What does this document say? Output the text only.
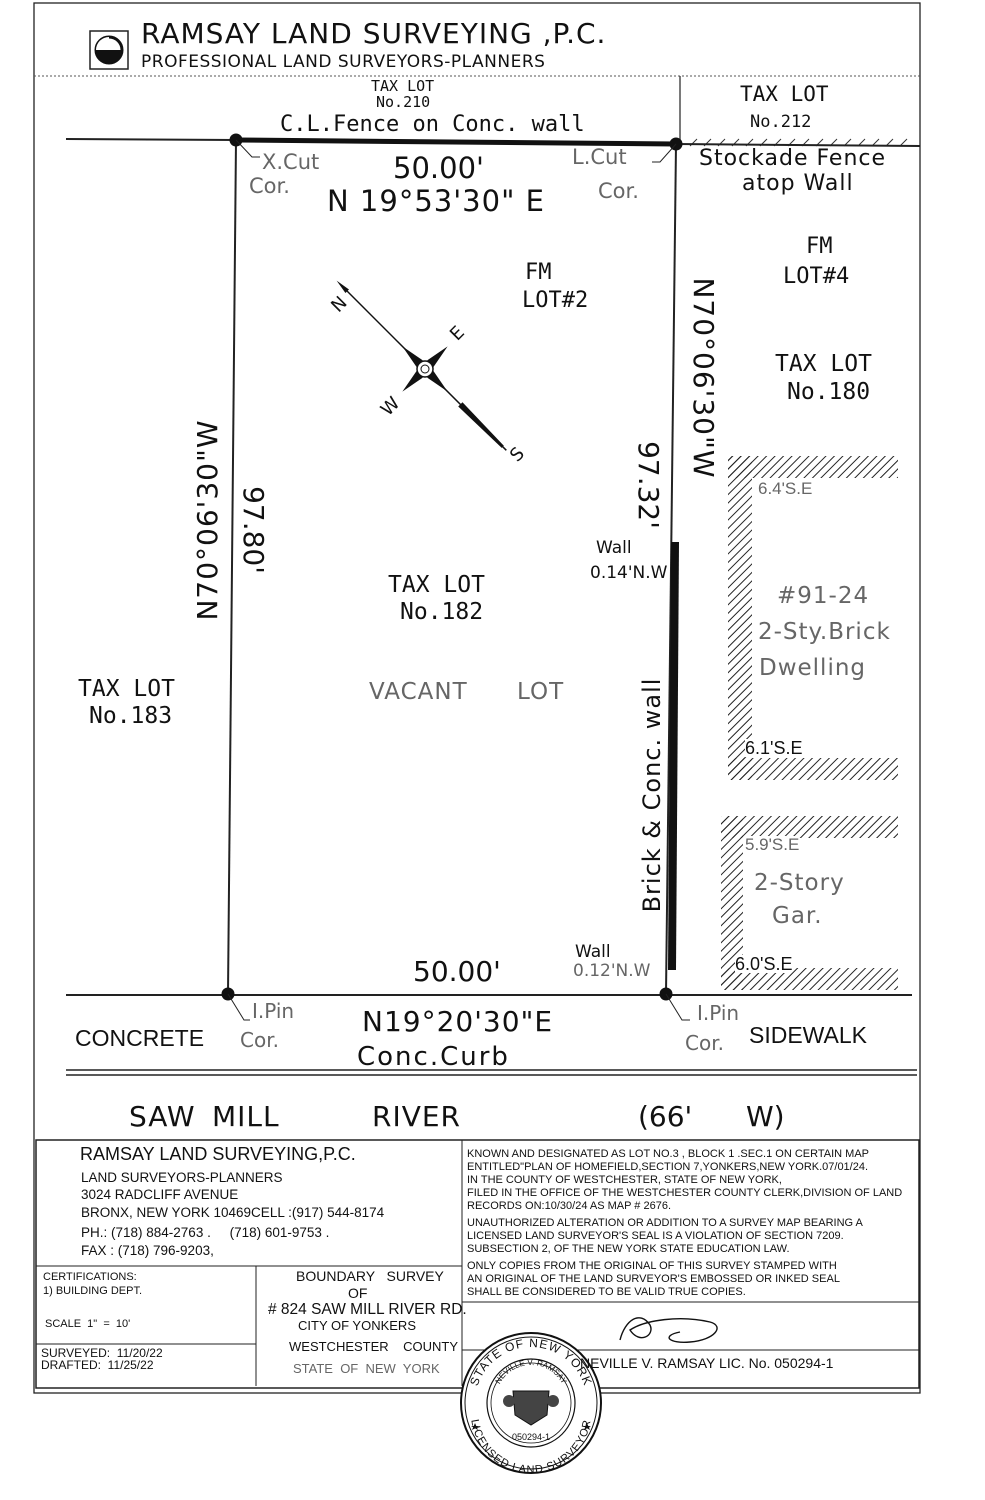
RAMSAY LAND SURVEYING ,P.C.
PROFESSIONAL LAND SURVEYORS-PLANNERS
TAX LOT
No.210
C.L.Fence on Conc. wall
TAX LOT
No.212
Stockade Fence
atop Wall
FM
LOT#4
TAX LOT
No.180
TAX LOT
No.183
X.Cut
Cor.
L.Cut
Cor.
50.00'
N 19°53'30" E
FM
LOT#2
N
E
W
S
N70°06'30"W 97.80'
97.32'
N70°06'30"W
Wall
0.14'N.W
TAX LOT
No.182
VACANT LOT	Brick & Conc. wall
Wall
0.12'N.W
50.00'
N19°20'30"E
I.Pin
Cor.
I.Pin
Cor.
Conc.Curb
CONCRETE	SIDEWALK
6.4'S.E
#91-24
2-Sty.Brick
Dwelling
6.1'S.E
5.9'S.E
2-Story
Gar.
6.0'S.E
SAW MILL	RIVER	(66' W)
RAMSAY LAND SURVEYING,P.C.
LAND SURVEYORS-PLANNERS
3024 RADCLIFF AVENUE
BRONX, NEW YORK 10469CELL :(917) 544-8174
PH.: (718) 884-2763 .     (718) 601-9753 .
FAX : (718) 796-9203,
KNOWN AND DESIGNATED AS LOT NO.3 , BLOCK 1 .SEC.1 ON CERTAIN MAP
ENTITLED"PLAN OF HOMEFIELD,SECTION 7,YONKERS,NEW YORK.07/01/24.
IN THE COUNTY OF WESTCHESTER, STATE OF NEW YORK,
FILED IN THE OFFICE OF THE WESTCHESTER COUNTY CLERK,DIVISION OF LAND
RECORDS ON:10/30/24 AS MAP # 2676.
UNAUTHORIZED ALTERATION OR ADDITION TO A SURVEY MAP BEARING A
LICENSED LAND SURVEYOR'S SEAL IS A VIOLATION OF SECTION 7209.
SUBSECTION 2, OF THE NEW YORK STATE EDUCATION LAW.
ONLY COPIES FROM THE ORIGINAL OF THIS SURVEY STAMPED WITH
AN ORIGINAL OF THE LAND SURVEYOR'S EMBOSSED OR INKED SEAL
SHALL BE CONSIDERED TO BE VALID TRUE COPIES.
CERTIFICATIONS:
1) BUILDING DEPT.
SCALE  1"  =  10'
SURVEYED:  11/20/22
DRAFTED:  11/25/22
BOUNDARY   SURVEY
OF
# 824 SAW MILL RIVER RD.
CITY OF YONKERS
WESTCHESTER    COUNTY
STATE  OF  NEW  YORK	NEVILLE V. RAMSAY LIC. No. 050294-1
STATE OF NEW YORK
LICENSED LAND SURVEYOR
NEVILLE V. RAMSAY
050294-1
